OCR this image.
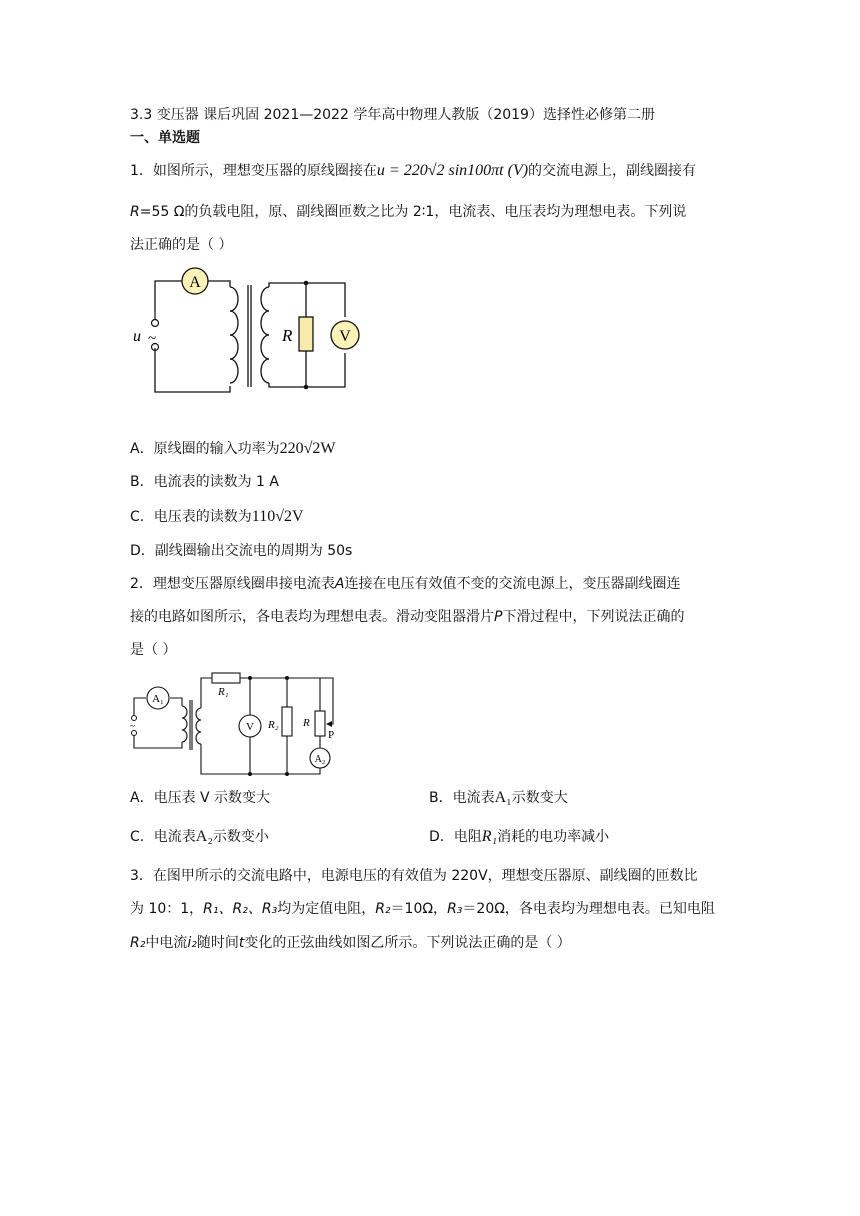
3.3 变压器 课后巩固 2021—2022 学年高中物理人教版（2019）选择性必修第二册
一、单选题
1．如图所示，理想变压器的原线圈接在u = 220√2 sin100πt (V)的交流电源上，副线圈接有
R=55 Ω的负载电阻，原、副线圈匝数之比为 2∶1，电流表、电压表均为理想电表。下列说
法正确的是（ ）
u ~
A
R	V
A．原线圈的输入功率为220√2W
B．电流表的读数为 1 A
C．电压表的读数为110√2V
D．副线圈输出交流电的周期为 50s
2．理想变压器原线圈串接电流表A连接在电压有效值不变的交流电源上，变压器副线圈连
接的电路如图所示，各电表均为理想电表。滑动变阻器滑片P下滑过程中，下列说法正确的
是（ ）
~
A₁
R₁
V R₂ R
P
A₂
A．电压表 V 示数变大	B．电流表A₁示数变大
C．电流表A₂示数变小	D．电阻R₁消耗的电功率减小
3．在图甲所示的交流电路中，电源电压的有效值为 220V，理想变压器原、副线圈的匝数比
为 10：1，R₁、R₂、R₃均为定值电阻，R₂＝10Ω，R₃＝20Ω，各电表均为理想电表。已知电阻
R₂中电流i₂随时间t变化的正弦曲线如图乙所示。下列说法正确的是（ ）
